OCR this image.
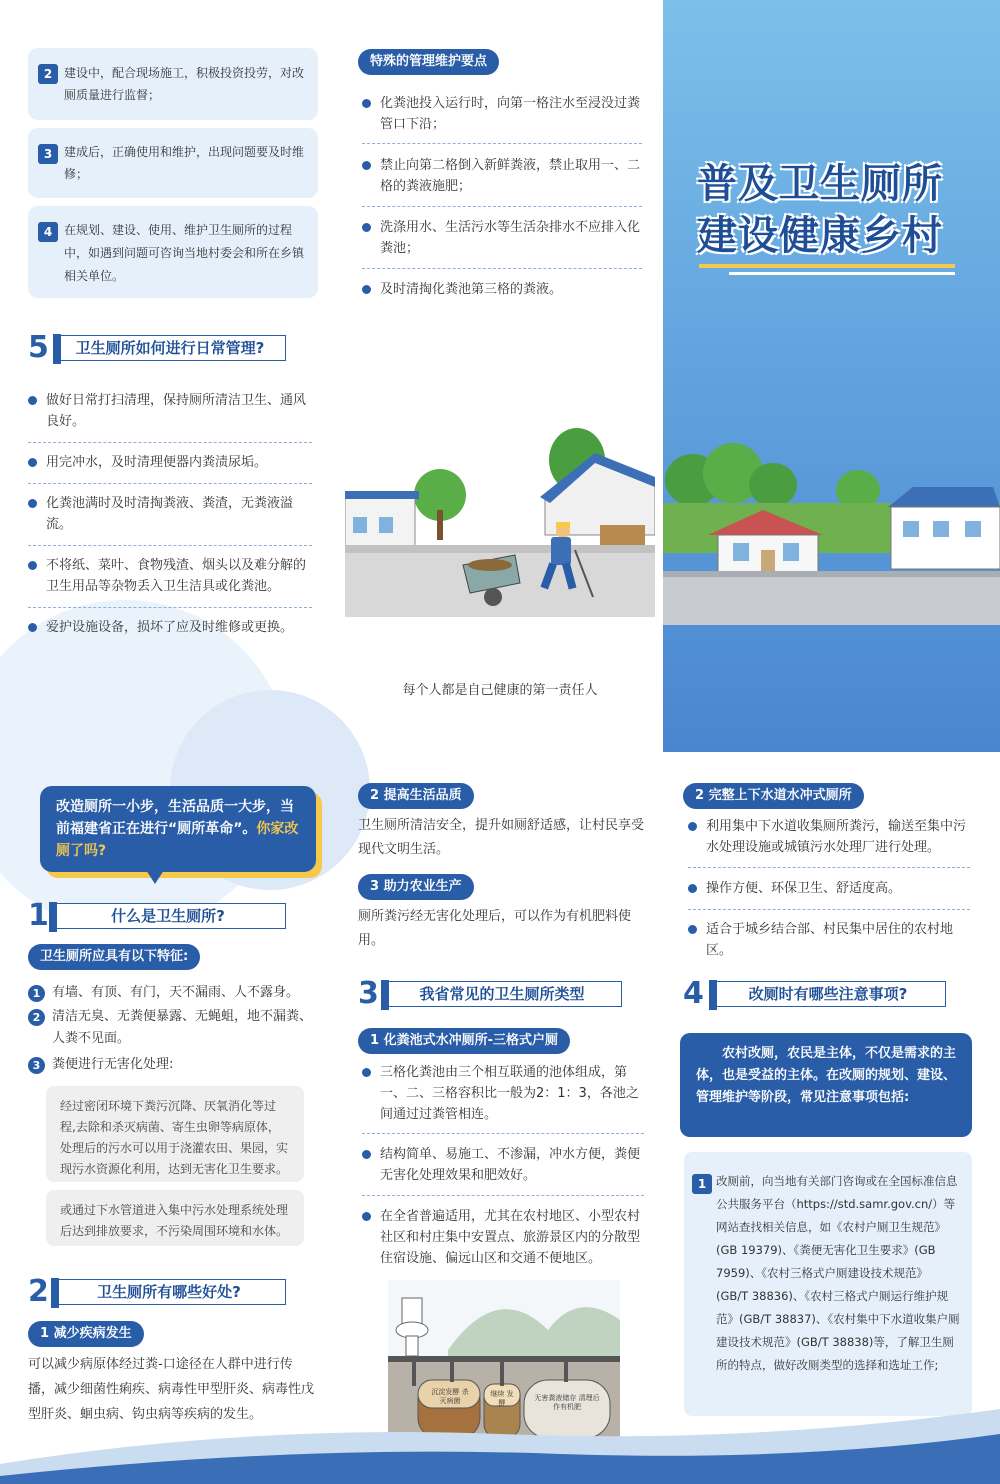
2 建设中，配合现场施工，积极投资投劳，对改厕质量进行监督；
3 建成后，正确使用和维护，出现问题要及时维修；
4 在规划、建设、使用、维护卫生厕所的过程中，如遇到问题可咨询当地村委会和所在乡镇相关单位。
5	卫生厕所如何进行日常管理?
做好日常打扫清理，保持厕所清洁卫生、通风良好。
用完冲水，及时清理便器内粪渍尿垢。
化粪池满时及时清掏粪液、粪渣，无粪液溢流。
不将纸、菜叶、食物残渣、烟头以及难分解的卫生用品等杂物丢入卫生洁具或化粪池。
爱护设施设备，损坏了应及时维修或更换。
特殊的管理维护要点
化粪池投入运行时，向第一格注水至浸没过粪管口下沿；
禁止向第二格倒入新鲜粪液，禁止取用一、二格的粪液施肥；
洗涤用水、生活污水等生活杂排水不应排入化粪池；
及时清掏化粪池第三格的粪液。
每个人都是自己健康的第一责任人
普及卫生厕所
建设健康乡村
改造厕所一小步，生活品质一大步，当前福建省正在进行“厕所革命”。你家改厕了吗?
1	什么是卫生厕所?
卫生厕所应具有以下特征:
1 有墙、有顶、有门，天不漏雨、人不露身。
2 清洁无臭、无粪便暴露、无蝇蛆，地不漏粪、人粪不见面。
3 粪便进行无害化处理:
经过密闭环境下粪污沉降、厌氧消化等过程,去除和杀灭病菌、寄生虫卵等病原体，处理后的污水可以用于浇灌农田、果园，实现污水资源化利用，达到无害化卫生要求。
或通过下水管道进入集中污水处理系统处理后达到排放要求，不污染周围环境和水体。
2	卫生厕所有哪些好处?
1 减少疾病发生
可以减少病原体经过粪-口途径在人群中进行传播，减少细菌性痢疾、病毒性甲型肝炎、病毒性戊型肝炎、蛔虫病、钩虫病等疾病的发生。
2 提高生活品质
卫生厕所清洁安全，提升如厕舒适感，让村民享受现代文明生活。
3 助力农业生产
厕所粪污经无害化处理后，可以作为有机肥料使用。
3	我省常见的卫生厕所类型
1 化粪池式水冲厕所-三格式户厕
三格化粪池由三个相互联通的池体组成，第一、二、三格容积比一般为2：1：3，各池之间通过过粪管相连。
结构简单、易施工、不渗漏，冲水方便，粪便无害化处理效果和肥效好。
在全省普遍适用，尤其在农村地区、小型农村社区和村庄集中安置点、旅游景区内的分散型住宿设施、偏远山区和交通不便地区。
沉淀发酵 杀灭病菌
继续 发酵
无害粪液储存 清理后作有机肥
2 完整上下水道水冲式厕所
利用集中下水道收集厕所粪污，输送至集中污水处理设施或城镇污水处理厂进行处理。
操作方便、环保卫生、舒适度高。
适合于城乡结合部、村民集中居住的农村地区。
4	改厕时有哪些注意事项?
农村改厕，农民是主体，不仅是需求的主体，也是受益的主体。在改厕的规划、建设、管理维护等阶段，常见注意事项包括:
1 改厕前，向当地有关部门咨询或在全国标准信息公共服务平台（https://std.samr.gov.cn/）等网站查找相关信息，如《农村户厕卫生规范》(GB 19379)、《粪便无害化卫生要求》(GB 7959)、《农村三格式户厕建设技术规范》(GB/T 38836)、《农村三格式户厕运行维护规范》(GB/T 38837)、《农村集中下水道收集户厕建设技术规范》(GB/T 38838)等，了解卫生厕所的特点，做好改厕类型的选择和选址工作;
